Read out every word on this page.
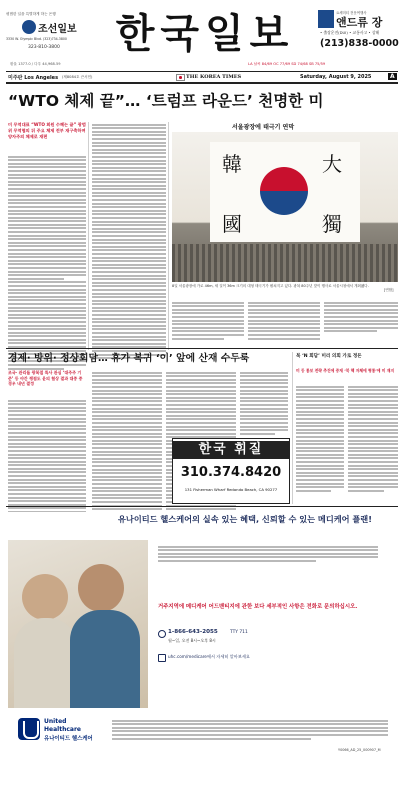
평범한 일을 특별하게 하는 은행
조선일보
3330 W. Olympic Blvd. (323)734-3800
323-810-3800	한국일보	요세미티 전문여행사
앤드류 장
• 출장운전(DUI) • 교통사고 • 상해
(213)838-0000
LA 날씨 84/69 OC 77/69 SD 74/68 SB 75/59
환율 1377.0 / 다우 44,968.59
미주판 Los Angeles (제8084호 큰서민)	THE KOREA TIMES	Saturday, August 9, 2025	A
“WTO 체제 끝”… ‘트럼프 라운드’ 천명한 미
미 무역대표 “WTO 회원 수혜는 끝” 광범위 무역협의 뒤 주요 체제 전부 재구축하며 양자주의 체제로 재편
서울광장에 태극기 연막
韓	大
國	獨
8일 서울광장에 가로 46m, 세 걸이 36m 크기의 대형 태극기가 펼쳐지고 있다. 광복 80주년 맞이 행사로 서울시청에서 개최됐다.
[연합]
경제∙ 방위∙ 정상회담… 휴가 복귀 ‘이’ 앞에 산재 수두룩
조국∙ 관리들 광복절 특사 관심 ‘대주주 기준’ 등 야간 쟁점도 윤의 협상 결과 대중 중 경우 내년 결정
북 ‘N 회담’ 미리 의회 가로 정돈
미 등 통보 전략 추진에 중재 ‘북 핵 자체에 형통’에 미 재지
한국 휘질
310.374.8420
131 Fisherman Wharf Redondo Beach, CA 90277
유나이티드 헬스케어의 실속 있는 혜택, 신뢰할 수 있는 메디케어 플랜!
거주지역에 메디케어 어드밴티지에 관한 보다 세부적인 사항은 전화로 문의하십시오.
1-866-643-2055	TTY 711
월~일, 오전 8시~오후 8시
uhc.com/medicare에서 자세히 알아보세요
United Healthcare
유나이티드 헬스케어
Y0066_AD_25_000907_M
